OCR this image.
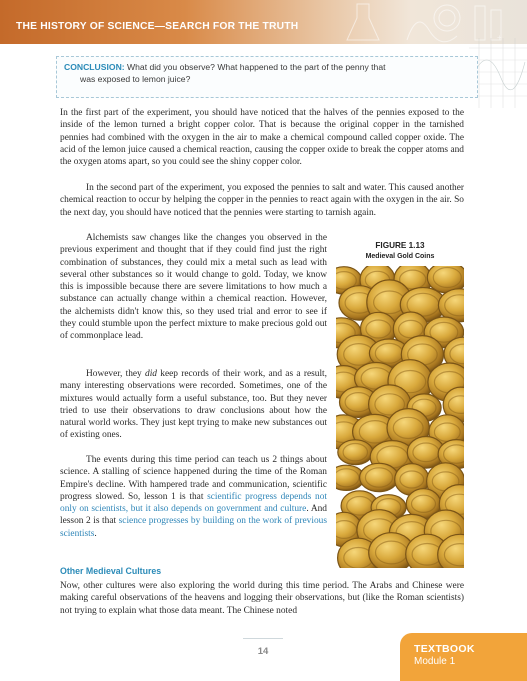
+
THE HISTORY OF SCIENCE—SEARCH FOR THE TRUTH
CONCLUSION: What did you observe? What happened to the part of the penny that
was exposed to lemon juice?

In the first part of the experiment, you should have noticed that the halves of the pennies exposed to the inside of the lemon turned a bright copper color. That is because the original copper in the tarnished pennies had combined with the oxygen in the air to make a chemical compound called copper oxide. The acid of the lemon juice caused a chemical reaction, causing the copper oxide to break the copper atoms and the oxygen atoms apart, so you could see the shiny copper color.

In the second part of the experiment, you exposed the pennies to salt and water. This caused another chemical reaction to occur by helping the copper in the pennies to react again with the oxygen in the air. So the next day, you should have noticed that the pennies were starting to tarnish again.

Alchemists saw changes like the changes you observed in the previous experiment and thought that if they could find just the right combination of substances, they could mix a metal such as lead with several other substances so it would change to gold. Today, we know this is impossible because there are severe limitations to how much a substance can actually change within a chemical reaction. However, the alchemists didn't know this, so they used trial and error to see if they could stumble upon the perfect mixture to make precious gold out of commonplace lead.

However, they did keep records of their work, and as a result, many interesting observations were recorded. Sometimes, one of the mixtures would actually form a useful substance, too. But they never tried to use their observations to draw conclusions about how the natural world works. They just kept trying to make new substances out of existing ones.

The events during this time period can teach us 2 things about science. A stalling of science happened during the time of the Roman Empire's decline. With hampered trade and communication, scientific progress slowed. So, lesson 1 is that scientific progress depends not only on scientists, but it also depends on government and culture. And lesson 2 is that science progresses by building on the work of previous scientists.

Other Medieval Cultures

Now, other cultures were also exploring the world during this time period. The Arabs and Chinese were making careful observations of the heavens and logging their observations, but (like the Roman scientists) not trying to explain what those data meant. The Chinese noted

FIGURE 1.13
Medieval Gold Coins
14	TEXTBOOK
Module 1
